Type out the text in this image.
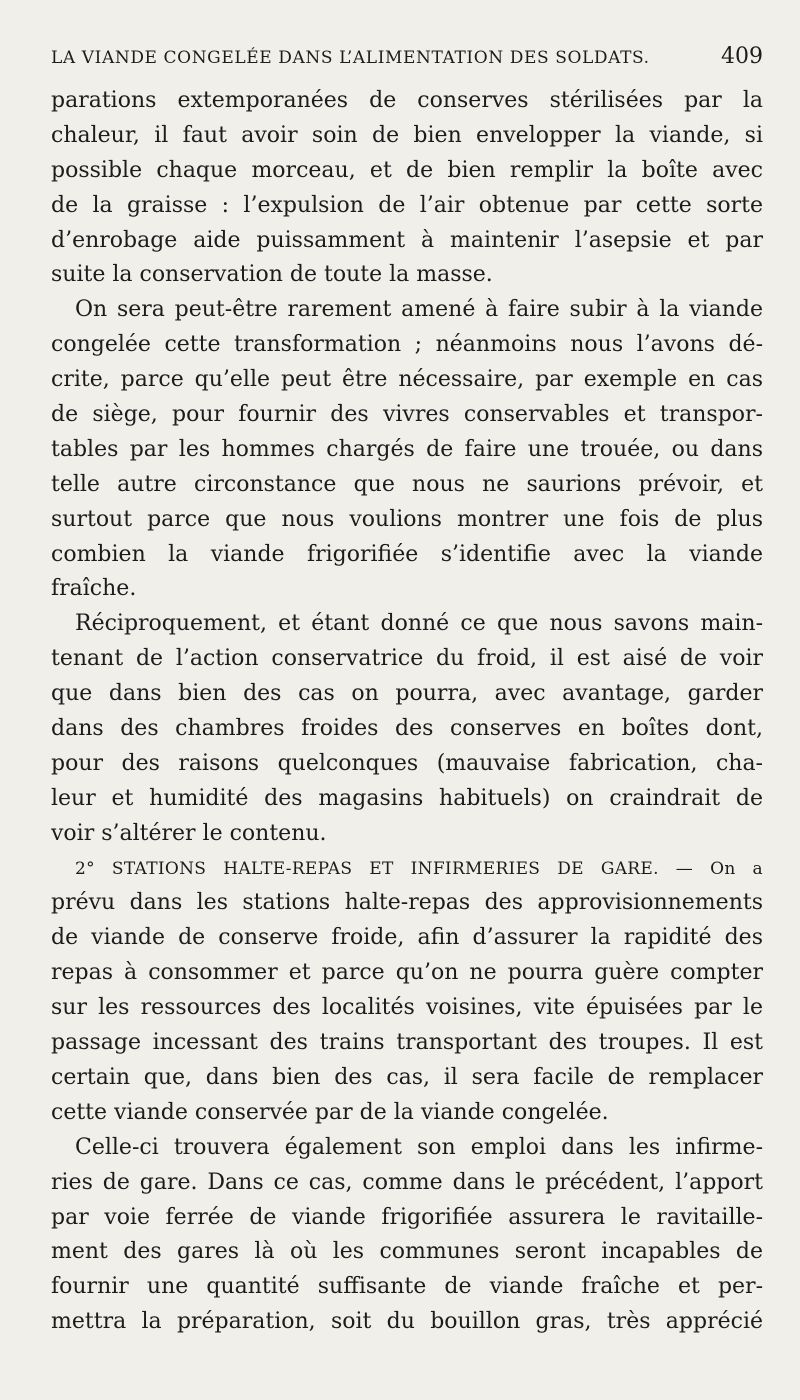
LA VIANDE CONGELÉE DANS L’ALIMENTATION DES SOLDATS.	409
parations extemporanées de conserves stérilisées par la
chaleur, il faut avoir soin de bien envelopper la viande, si
possible chaque morceau, et de bien remplir la boîte avec
de la graisse : l’expulsion de l’air obtenue par cette sorte
d’enrobage aide puissamment à maintenir l’asepsie et par
suite la conservation de toute la masse.
On sera peut-être rarement amené à faire subir à la viande
congelée cette transformation ; néanmoins nous l’avons dé-
crite, parce qu’elle peut être nécessaire, par exemple en cas
de siège, pour fournir des vivres conservables et transpor-
tables par les hommes chargés de faire une trouée, ou dans
telle autre circonstance que nous ne saurions prévoir, et
surtout parce que nous voulions montrer une fois de plus
combien la viande frigorifiée s’identifie avec la viande
fraîche.
Réciproquement, et étant donné ce que nous savons main-
tenant de l’action conservatrice du froid, il est aisé de voir
que dans bien des cas on pourra, avec avantage, garder
dans des chambres froides des conserves en boîtes dont,
pour des raisons quelconques (mauvaise fabrication, cha-
leur et humidité des magasins habituels) on craindrait de
voir s’altérer le contenu.
2° STATIONS HALTE-REPAS ET INFIRMERIES DE GARE. — On a
prévu dans les stations halte-repas des approvisionnements
de viande de conserve froide, afin d’assurer la rapidité des
repas à consommer et parce qu’on ne pourra guère compter
sur les ressources des localités voisines, vite épuisées par le
passage incessant des trains transportant des troupes. Il est
certain que, dans bien des cas, il sera facile de remplacer
cette viande conservée par de la viande congelée.
Celle-ci trouvera également son emploi dans les infirme-
ries de gare. Dans ce cas, comme dans le précédent, l’apport
par voie ferrée de viande frigorifiée assurera le ravitaille-
ment des gares là où les communes seront incapables de
fournir une quantité suffisante de viande fraîche et per-
mettra la préparation, soit du bouillon gras, très apprécié
